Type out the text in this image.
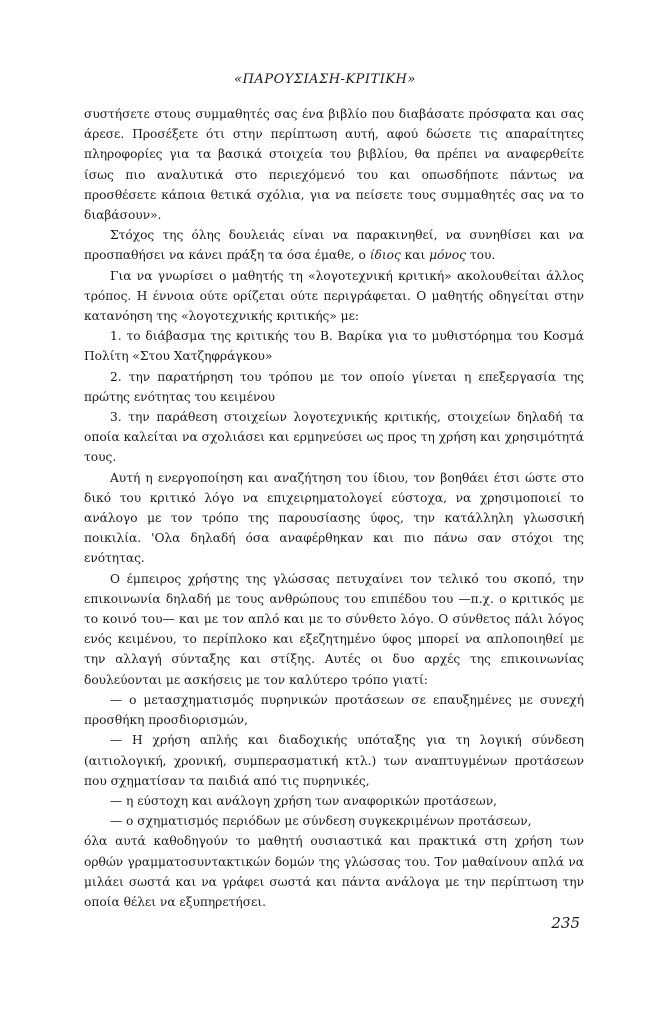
«ΠΑΡΟΥΣΙΑΣΗ-ΚΡΙΤΙΚΗ»

συστήσετε στους συμμαθητές σας ένα βιβλίο που διαβάσατε πρόσφατα και σας άρεσε. Προσέξετε ότι στην περίπτωση αυτή, αφού δώσετε τις απαραίτητες πληροφορίες για τα βασικά στοιχεία του βιβλίου, θα πρέπει να αναφερθείτε ίσως πιο αναλυτικά στο περιεχόμενό του και οπωσδήποτε πάντως να προσθέσετε κάποια θετικά σχόλια, για να πείσετε τους συμμαθητές σας να το διαβάσουν».

Στόχος της όλης δουλειάς είναι να παρακινηθεί, να συνηθίσει και να προσπαθήσει να κάνει πράξη τα όσα έμαθε, ο ίδιος και μόνος του.

Για να γνωρίσει ο μαθητής τη «λογοτεχνική κριτική» ακολουθείται άλλος τρόπος. Η έννοια ούτε ορίζεται ούτε περιγράφεται. Ο μαθητής οδηγείται στην κατανόηση της «λογοτεχνικής κριτικής» με:

1. το διάβασμα της κριτικής του Β. Βαρίκα για το μυθιστόρημα του Κοσμά Πολίτη «Στου Χατζηφράγκου»

2. την παρατήρηση του τρόπου με τον οποίο γίνεται η επεξεργασία της πρώτης ενότητας του κειμένου

3. την παράθεση στοιχείων λογοτεχνικής κριτικής, στοιχείων δηλαδή τα οποία καλείται να σχολιάσει και ερμηνεύσει ως προς τη χρήση και χρησιμότητά τους.

Αυτή η ενεργοποίηση και αναζήτηση του ίδιου, τον βοηθάει έτσι ώστε στο δικό του κριτικό λόγο να επιχειρηματολογεί εύστοχα, να χρησιμοποιεί το ανάλογο με τον τρόπο της παρουσίασης ύφος, την κατάλληλη γλωσσική ποικιλία. 'Ολα δηλαδή όσα αναφέρθηκαν και πιο πάνω σαν στόχοι της ενότητας.

Ο έμπειρος χρήστης της γλώσσας πετυχαίνει τον τελικό του σκοπό, την επικοινωνία δηλαδή με τους ανθρώπους του επιπέδου του —π.χ. ο κριτικός με το κοινό του— και με τον απλό και με το σύνθετο λόγο. Ο σύνθετος πάλι λόγος ενός κειμένου, το περίπλοκο και εξεζητημένο ύφος μπορεί να απλοποιηθεί με την αλλαγή σύνταξης και στίξης. Αυτές οι δυο αρχές της επικοινωνίας δουλεύονται με ασκήσεις με τον καλύτερο τρόπο γιατί:

— ο μετασχηματισμός πυρηνικών προτάσεων σε επαυξημένες με συνεχή προσθήκη προσδιορισμών,

— Η χρήση απλής και διαδοχικής υπόταξης για τη λογική σύνδεση (αιτιολογική, χρονική, συμπερασματική κτλ.) των αναπτυγμένων προτάσεων που σχηματίσαν τα παιδιά από τις πυρηνικές,

— η εύστοχη και ανάλογη χρήση των αναφορικών προτάσεων,

— ο σχηματισμός περιόδων με σύνδεση συγκεκριμένων προτάσεων,

όλα αυτά καθοδηγούν το μαθητή ουσιαστικά και πρακτικά στη χρήση των ορθών γραμματοσυντακτικών δομών της γλώσσας του. Τον μαθαίνουν απλά να μιλάει σωστά και να γράφει σωστά και πάντα ανάλογα με την περίπτωση την οποία θέλει να εξυπηρετήσει.

235
